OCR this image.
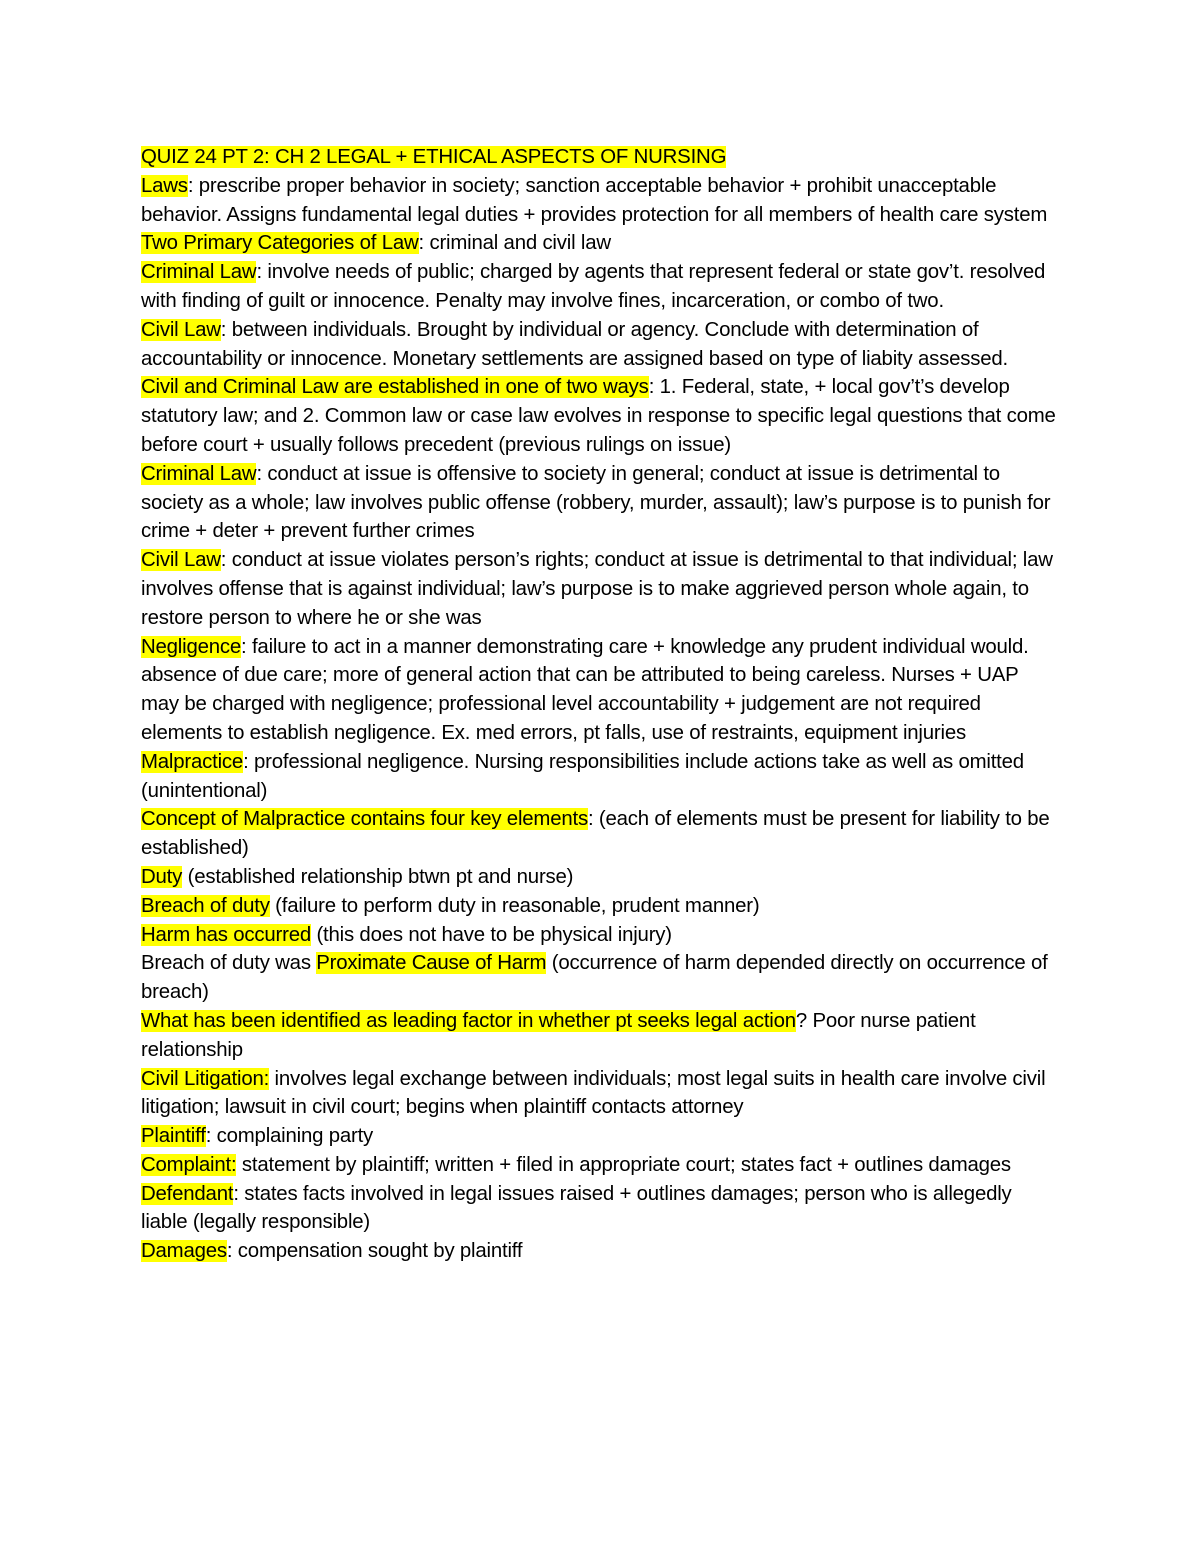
QUIZ 24 PT 2: CH 2 LEGAL + ETHICAL ASPECTS OF NURSING

Laws: prescribe proper behavior in society; sanction acceptable behavior + prohibit unacceptable behavior. Assigns fundamental legal duties + provides protection for all members of health care system

Two Primary Categories of Law: criminal and civil law

Criminal Law: involve needs of public; charged by agents that represent federal or state gov’t. resolved with finding of guilt or innocence. Penalty may involve fines, incarceration, or combo of two.

Civil Law: between individuals. Brought by individual or agency. Conclude with determination of accountability or innocence. Monetary settlements are assigned based on type of liabity assessed.

Civil and Criminal Law are established in one of two ways: 1. Federal, state, + local gov’t’s develop statutory law; and 2. Common law or case law evolves in response to specific legal questions that come before court + usually follows precedent (previous rulings on issue)

Criminal Law: conduct at issue is offensive to society in general; conduct at issue is detrimental to society as a whole; law involves public offense (robbery, murder, assault); law’s purpose is to punish for crime + deter + prevent further crimes

Civil Law: conduct at issue violates person’s rights; conduct at issue is detrimental to that individual; law involves offense that is against individual; law’s purpose is to make aggrieved person whole again, to restore person to where he or she was

Negligence: failure to act in a manner demonstrating care + knowledge any prudent individual would. absence of due care; more of general action that can be attributed to being careless. Nurses + UAP may be charged with negligence; professional level accountability + judgement are not required elements to establish negligence. Ex. med errors, pt falls, use of restraints, equipment injuries

Malpractice: professional negligence. Nursing responsibilities include actions take as well as omitted (unintentional)

Concept of Malpractice contains four key elements: (each of elements must be present for liability to be established)

Duty (established relationship btwn pt and nurse)

Breach of duty (failure to perform duty in reasonable, prudent manner)

Harm has occurred (this does not have to be physical injury)

Breach of duty was Proximate Cause of Harm (occurrence of harm depended directly on occurrence of breach)

What has been identified as leading factor in whether pt seeks legal action? Poor nurse patient relationship

Civil Litigation: involves legal exchange between individuals; most legal suits in health care involve civil litigation; lawsuit in civil court; begins when plaintiff contacts attorney

Plaintiff: complaining party

Complaint: statement by plaintiff; written + filed in appropriate court; states fact + outlines damages

Defendant: states facts involved in legal issues raised + outlines damages; person who is allegedly liable (legally responsible)

Damages: compensation sought by plaintiff
